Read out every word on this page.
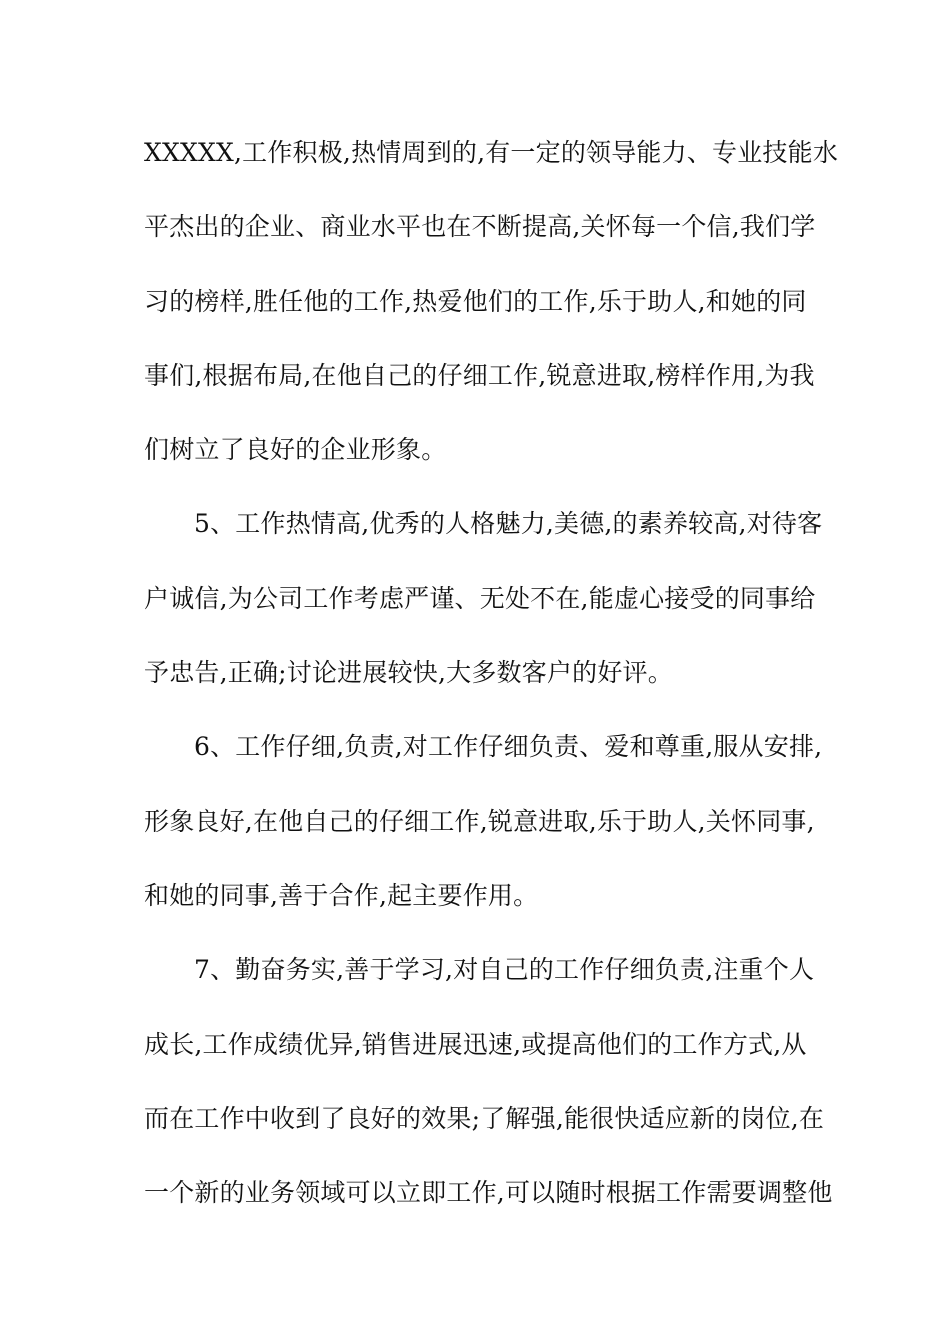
XXXXX,工作积极,热情周到的,有一定的领导能力、专业技能水
平杰出的企业、商业水平也在不断提高,关怀每一个信,我们学
习的榜样,胜任他的工作,热爱他们的工作,乐于助人,和她的同
事们,根据布局,在他自己的仔细工作,锐意进取,榜样作用,为我
们树立了良好的企业形象。
5、工作热情高,优秀的人格魅力,美德,的素养较高,对待客
户诚信,为公司工作考虑严谨、无处不在,能虚心接受的同事给
予忠告,正确;讨论进展较快,大多数客户的好评。
6、工作仔细,负责,对工作仔细负责、爱和尊重,服从安排,
形象良好,在他自己的仔细工作,锐意进取,乐于助人,关怀同事,
和她的同事,善于合作,起主要作用。
7、勤奋务实,善于学习,对自己的工作仔细负责,注重个人
成长,工作成绩优异,销售进展迅速,或提高他们的工作方式,从
而在工作中收到了良好的效果;了解强,能很快适应新的岗位,在
一个新的业务领域可以立即工作,可以随时根据工作需要调整他
